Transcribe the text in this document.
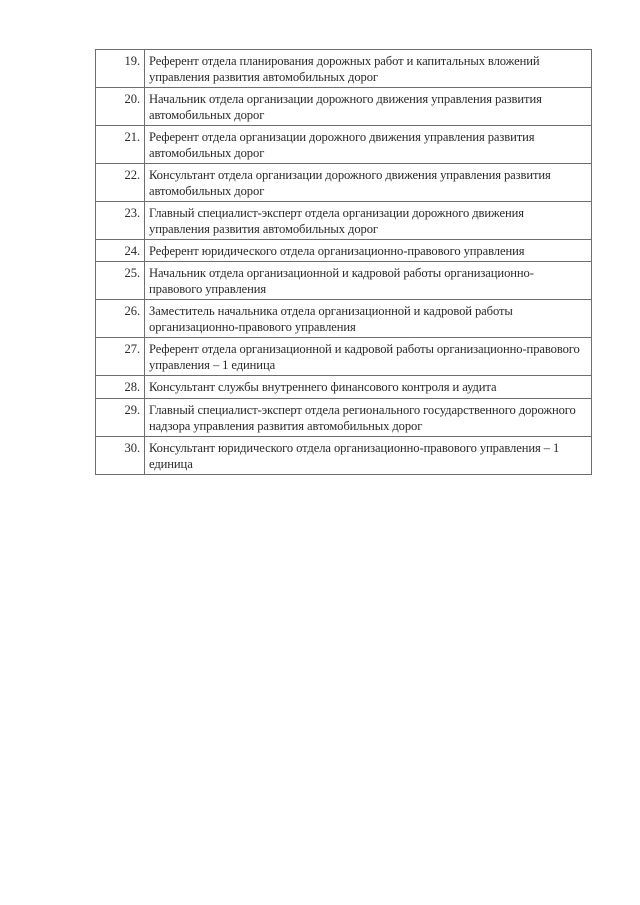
19.	Референт отдела планирования дорожных работ и капитальных вложений управления развития автомобильных дорог
20.	Начальник отдела организации дорожного движения управления развития автомобильных дорог
21.	Референт отдела организации дорожного движения управления развития автомобильных дорог
22.	Консультант отдела организации дорожного движения управления развития автомобильных дорог
23.	Главный специалист-эксперт отдела организации дорожного движения управления развития автомобильных дорог
24.	Референт юридического отдела организационно-правового управления
25.	Начальник отдела организационной и кадровой работы организационно-правового управления
26.	Заместитель начальника отдела организационной и кадровой работы организационно-правового управления
27.	Референт отдела организационной и кадровой работы организационно-правового управления – 1 единица
28.	Консультант службы внутреннего финансового контроля и аудита
29.	Главный специалист-эксперт отдела регионального государственного дорожного надзора управления развития автомобильных дорог
30.	Консультант юридического отдела организационно-правового управления – 1 единица
